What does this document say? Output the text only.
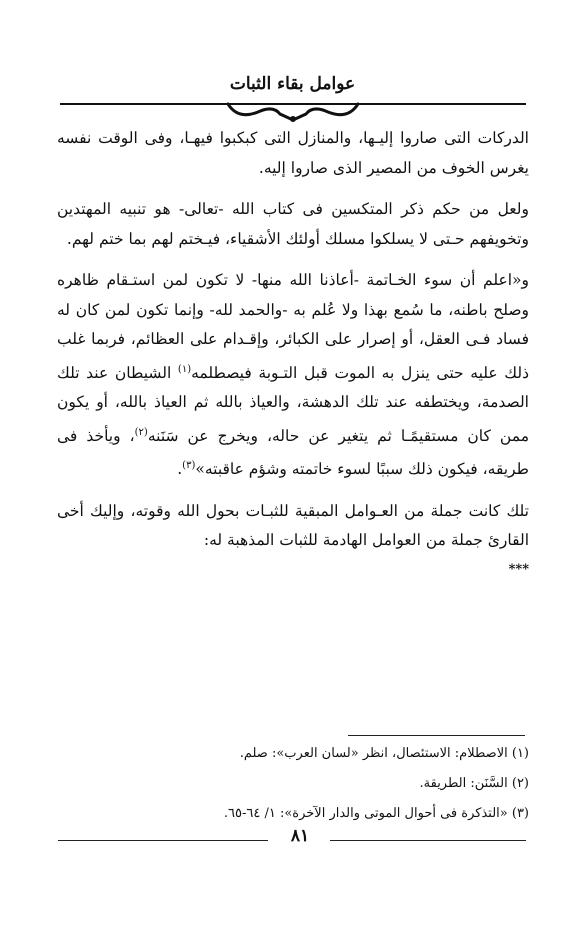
عوامل بقاء الثبات

الدركات التى صاروا إليـها، والمنازل التى كبكبوا فيهـا، وفى الوقت نفسه يغرس الخوف من المصير الذى صاروا إليه.

ولعل من حكم ذكر المتكسين فى كتاب الله -تعالى- هو تنبيه المهتدين وتخويفهم حـتى لا يسلكوا مسلك أولئك الأشقياء، فيـختم لهم بما ختم لهم.

و«اعلم أن سوء الخـاتمة -أعاذنا الله منها- لا تكون لمن استـقام ظاهره وصلح باطنه، ما سُمع بهذا ولا عُلم به -والحمد لله- وإنما تكون لمن كان له فساد فـى العقل، أو إصرار على الكبائر، وإقـدام على العظائم، فربما غلب ذلك عليه حتى ينزل به الموت قبل التـوبة فيصطلمه$^{(١)}$ الشيطان عند تلك الصدمة، ويختطفه عند تلك الدهشة، والعياذ بالله ثم العياذ بالله، أو يكون ممن كان مستقيمًـا ثم يتغير عن حاله، ويخرج عن سَنَنه$^{(٢)}$، ويأخذ فى طريقه، فيكون ذلك سببًا لسوء خاتمته وشؤم عاقبته»$^{(٣)}$.

تلك كانت جملة من العـوامل المبقية للثبـات بحول الله وقوته، وإليك أخى القارئ جملة من العوامل الهادمة للثبات المذهبة له:

***

(١) الاصطلام: الاستئصال، انظر «لسان العرب»: صلم.

(٢) السَّنَن: الطريقة.

(٣) «التذكرة فى أحوال الموتى والدار الآخرة»: ١/ ٦٤-٦٥.

٨١
